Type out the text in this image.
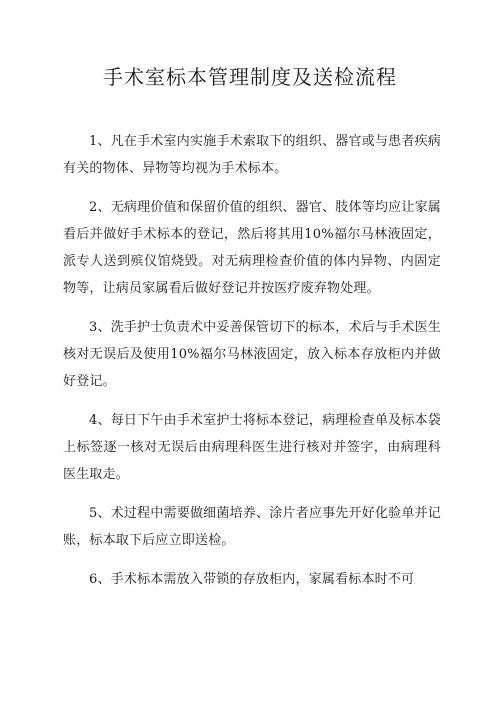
手术室标本管理制度及送检流程

1、凡在手术室内实施手术索取下的组织、器官或与患者疾病有关的物体、异物等均视为手术标本。

2、无病理价值和保留价值的组织、器官、肢体等均应让家属看后并做好手术标本的登记，然后将其用10%福尔马林液固定，派专人送到殡仪馆烧毁。对无病理检查价值的体内异物、内固定物等，让病员家属看后做好登记并按医疗废弃物处理。

3、洗手护士负责术中妥善保管切下的标本，术后与手术医生核对无误后及使用10%福尔马林液固定，放入标本存放柜内并做好登记。

4、每日下午由手术室护士将标本登记，病理检查单及标本袋上标签逐一核对无误后由病理科医生进行核对并签字，由病理科医生取走。

5、术过程中需要做细菌培养、涂片者应事先开好化验单并记账，标本取下后应立即送检。

6、手术标本需放入带锁的存放柜内，家属看标本时不可
